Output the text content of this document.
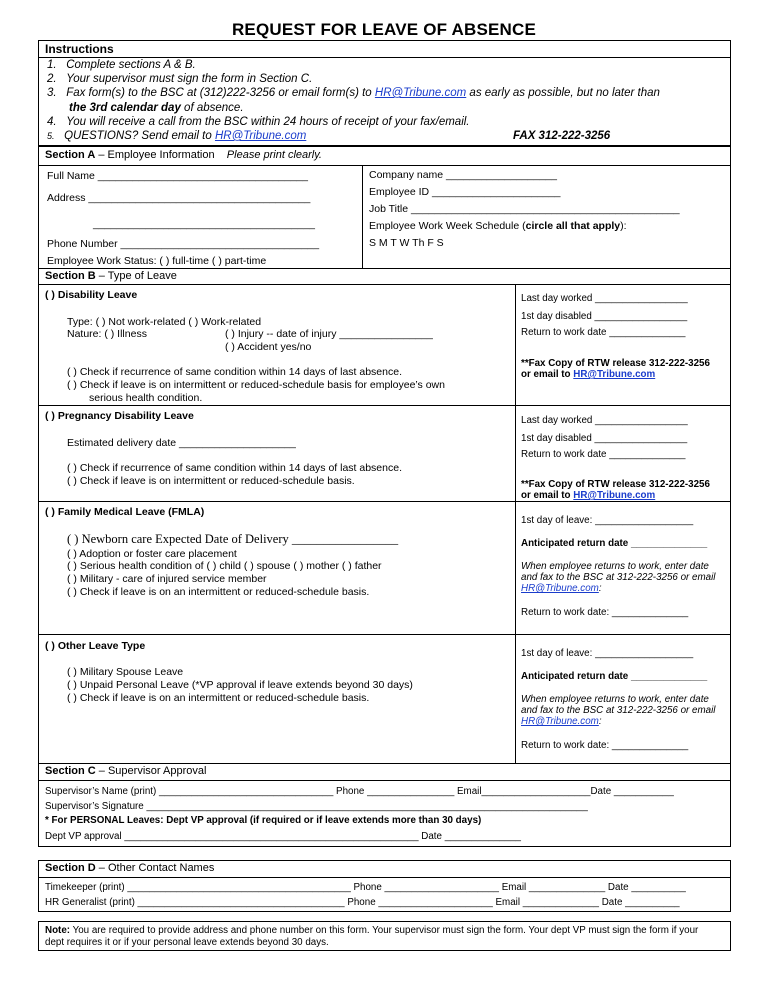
REQUEST FOR LEAVE OF ABSENCE
Instructions
1. Complete sections A & B.
2. Your supervisor must sign the form in Section C.
3. Fax form(s) to the BSC at (312)222-3256 or email form(s) to HR@Tribune.com as early as possible, but no later than
the 3rd calendar day of absence.
4. You will receive a call from the BSC within 24 hours of receipt of your fax/email.
5. QUESTIONS? Send email to HR@Tribune.com	FAX 312-222-3256
Section A – Employee Information Please print clearly.
Full Name ____________________________________
Address ______________________________________
______________________________________
Phone Number __________________________________
Employee Work Status: ( ) full-time ( ) part-time
Company name ___________________
Employee ID ______________________
Job Title ______________________________________________
Employee Work Week Schedule (circle all that apply):
S M T W Th F S
Section B – Type of Leave
( ) Disability Leave
Type: ( ) Not work-related ( ) Work-related
Nature: ( ) Illness	( ) Injury -- date of injury ________________
( ) Accident yes/no
( ) Check if recurrence of same condition within 14 days of last absence.
( ) Check if leave is on intermittent or reduced-schedule basis for employee’s own
serious health condition.
Last day worked _________________
1st day disabled _________________
Return to work date ______________
**Fax Copy of RTW release 312-222-3256
or email to HR@Tribune.com
( ) Pregnancy Disability Leave
Estimated delivery date ____________________
( ) Check if recurrence of same condition within 14 days of last absence.
( ) Check if leave is on intermittent or reduced-schedule basis.
Last day worked _________________
1st day disabled _________________
Return to work date ______________
**Fax Copy of RTW release 312-222-3256
or email to HR@Tribune.com
( ) Family Medical Leave (FMLA)
( ) Newborn care Expected Date of Delivery _________________
( ) Adoption or foster care placement
( ) Serious health condition of ( ) child ( ) spouse ( ) mother ( ) father
( ) Military - care of injured service member
( ) Check if leave is on an intermittent or reduced-schedule basis.
1st day of leave: __________________
Anticipated return date ______________
When employee returns to work, enter date
and fax to the BSC at 312-222-3256 or email
HR@Tribune.com:
Return to work date: ______________
( ) Other Leave Type
( ) Military Spouse Leave
( ) Unpaid Personal Leave (*VP approval if leave extends beyond 30 days)
( ) Check if leave is on an intermittent or reduced-schedule basis.
1st day of leave: __________________
Anticipated return date ______________
When employee returns to work, enter date
and fax to the BSC at 312-222-3256 or email
HR@Tribune.com:
Return to work date: ______________
Section C – Supervisor Approval
Supervisor’s Name (print) ________________________________ Phone ________________ Email____________________Date ___________
Supervisor’s Signature _________________________________________________________________________________
* For PERSONAL Leaves: Dept VP approval (if required or if leave extends more than 30 days)
Dept VP approval ______________________________________________________ Date ______________
Section D – Other Contact Names
Timekeeper (print) _________________________________________ Phone _____________________ Email ______________ Date __________
HR Generalist (print) ______________________________________ Phone _____________________ Email ______________ Date __________
Note: You are required to provide address and phone number on this form. Your supervisor must sign the form. Your dept VP must sign the form if your
dept requires it or if your personal leave extends beyond 30 days.
